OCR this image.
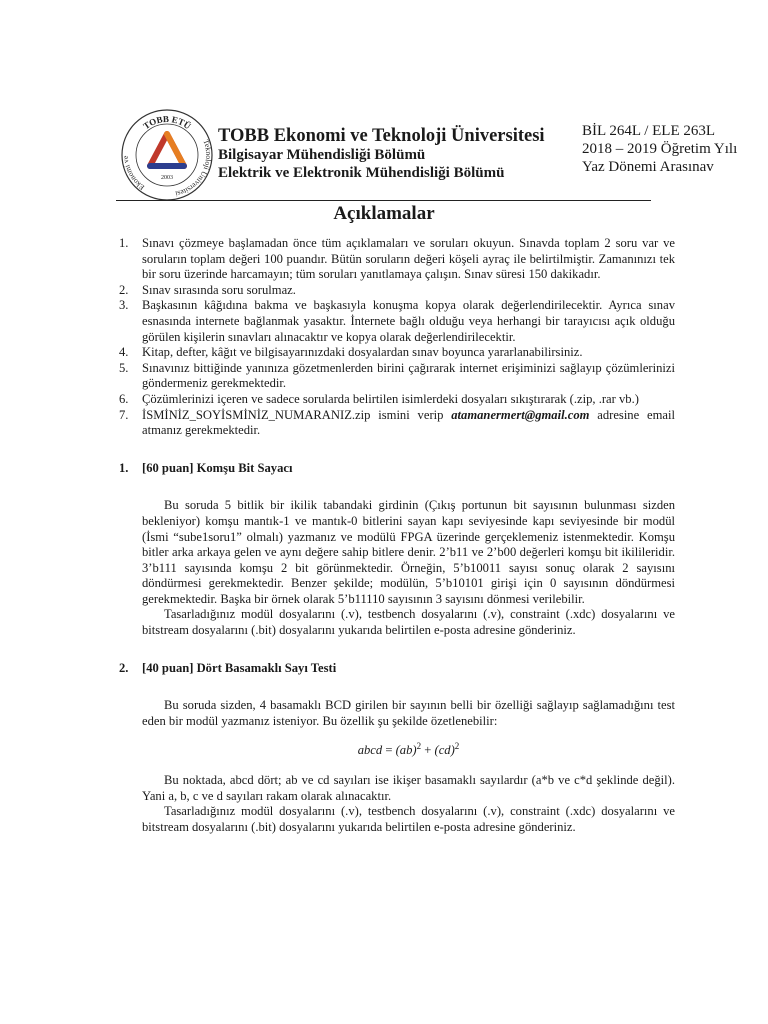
TOBB ETÜ
Ekonomi ve
Teknoloji Üniversitesi
2003
TOBB Ekonomi ve Teknoloji Üniversitesi
Bilgisayar Mühendisliği Bölümü
Elektrik ve Elektronik Mühendisliği Bölümü
BİL 264L / ELE 263L
2018 – 2019 Öğretim Yılı
Yaz Dönemi Arasınav
Açıklamalar
1. Sınavı çözmeye başlamadan önce tüm açıklamaları ve soruları okuyun. Sınavda toplam 2 soru var ve soruların toplam değeri 100 puandır. Bütün soruların değeri köşeli ayraç ile belirtilmiştir. Zamanınızı tek bir soru üzerinde harcamayın; tüm soruları yanıtlamaya çalışın. Sınav süresi 150 dakikadır.
2. Sınav sırasında soru sorulmaz.
3. Başkasının kâğıdına bakma ve başkasıyla konuşma kopya olarak değerlendirilecektir. Ayrıca sınav esnasında internete bağlanmak yasaktır. İnternete bağlı olduğu veya herhangi bir tarayıcısı açık olduğu görülen kişilerin sınavları alınacaktır ve kopya olarak değerlendirilecektir.
4. Kitap, defter, kâğıt ve bilgisayarınızdaki dosyalardan sınav boyunca yararlanabilirsiniz.
5. Sınavınız bittiğinde yanınıza gözetmenlerden birini çağırarak internet erişiminizi sağlayıp çözümlerinizi göndermeniz gerekmektedir.
6. Çözümlerinizi içeren ve sadece sorularda belirtilen isimlerdeki dosyaları sıkıştırarak (.zip, .rar vb.)
7. İSMİNİZ_SOYİSMİNİZ_NUMARANIZ.zip ismini verip atamanermert@gmail.com adresine email atmanız gerekmektedir.
1. [60 puan] Komşu Bit Sayacı
Bu soruda 5 bitlik bir ikilik tabandaki girdinin (Çıkış portunun bit sayısının bulunması sizden bekleniyor) komşu mantık-1 ve mantık-0 bitlerini sayan kapı seviyesinde kapı seviyesinde bir modül (İsmi “sube1soru1” olmalı) yazmanız ve modülü FPGA üzerinde gerçeklemeniz istenmektedir. Komşu bitler arka arkaya gelen ve aynı değere sahip bitlere denir. 2’b11 ve 2’b00 değerleri komşu bit ikilileridir. 3’b111 sayısında komşu 2 bit görünmektedir. Örneğin, 5’b10011 sayısı sonuç olarak 2 sayısını döndürmesi gerekmektedir. Benzer şekilde; modülün, 5’b10101 girişi için 0 sayısının döndürmesi gerekmektedir. Başka bir örnek olarak 5’b11110 sayısının 3 sayısını dönmesi verilebilir.
Tasarladığınız modül dosyalarını (.v), testbench dosyalarını (.v), constraint (.xdc) dosyalarını ve bitstream dosyalarını (.bit) dosyalarını yukarıda belirtilen e-posta adresine gönderiniz.
2. [40 puan] Dört Basamaklı Sayı Testi
Bu soruda sizden, 4 basamaklı BCD girilen bir sayının belli bir özelliği sağlayıp sağlamadığını test eden bir modül yazmanız isteniyor. Bu özellik şu şekilde özetlenebilir:
abcd = (ab)$^2$ + (cd)$^2$
Bu noktada, abcd dört; ab ve cd sayıları ise ikişer basamaklı sayılardır (a*b ve c*d şeklinde değil). Yani a, b, c ve d sayıları rakam olarak alınacaktır.
Tasarladığınız modül dosyalarını (.v), testbench dosyalarını (.v), constraint (.xdc) dosyalarını ve bitstream dosyalarını (.bit) dosyalarını yukarıda belirtilen e-posta adresine gönderiniz.
